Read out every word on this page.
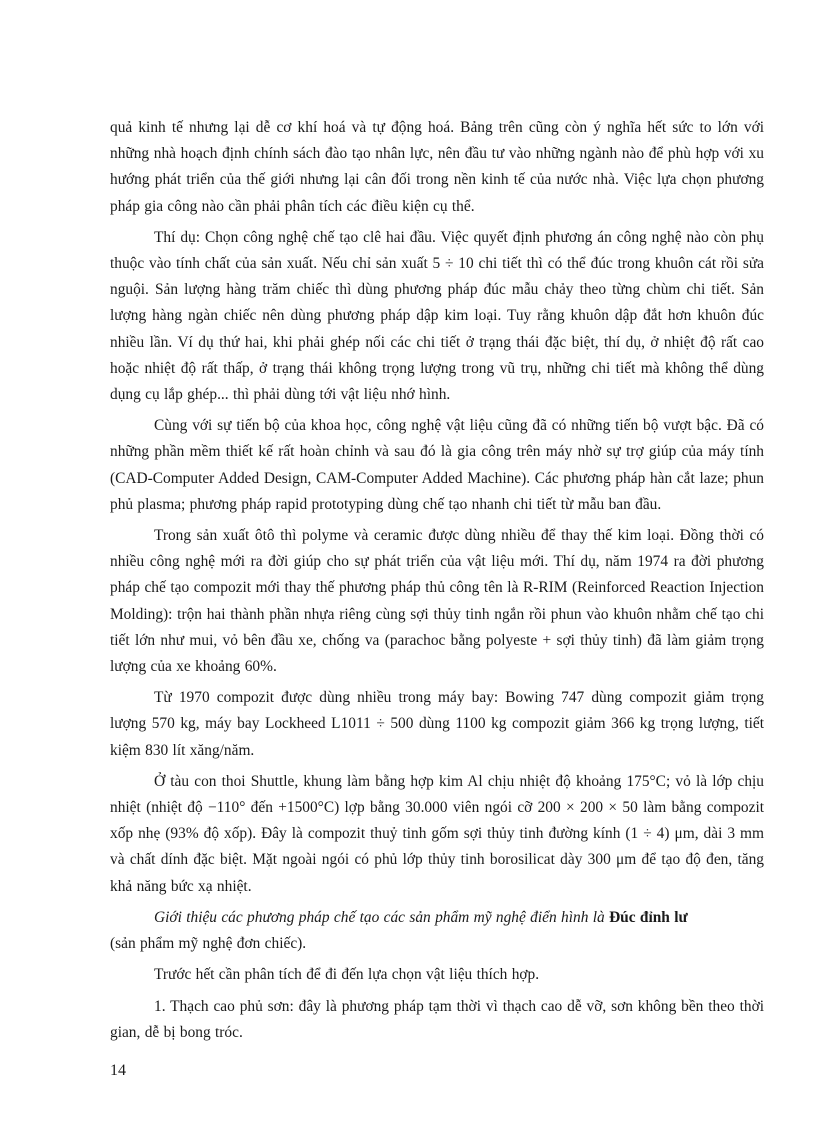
quả kinh tế nhưng lại dễ cơ khí hoá và tự động hoá. Bảng trên cũng còn ý nghĩa hết sức to lớn với những nhà hoạch định chính sách đào tạo nhân lực, nên đầu tư vào những ngành nào để phù hợp với xu hướng phát triển của thế giới nhưng lại cân đối trong nền kinh tế của nước nhà. Việc lựa chọn phương pháp gia công nào cần phải phân tích các điều kiện cụ thể.

Thí dụ: Chọn công nghệ chế tạo clê hai đầu. Việc quyết định phương án công nghệ nào còn phụ thuộc vào tính chất của sản xuất. Nếu chỉ sản xuất 5 ÷ 10 chi tiết thì có thể đúc trong khuôn cát rồi sửa nguội. Sản lượng hàng trăm chiếc thì dùng phương pháp đúc mẫu chảy theo từng chùm chi tiết. Sản lượng hàng ngàn chiếc nên dùng phương pháp dập kim loại. Tuy rằng khuôn dập đắt hơn khuôn đúc nhiều lần. Ví dụ thứ hai, khi phải ghép nối các chi tiết ở trạng thái đặc biệt, thí dụ, ở nhiệt độ rất cao hoặc nhiệt độ rất thấp, ở trạng thái không trọng lượng trong vũ trụ, những chi tiết mà không thể dùng dụng cụ lắp ghép... thì phải dùng tới vật liệu nhớ hình.

Cùng với sự tiến bộ của khoa học, công nghệ vật liệu cũng đã có những tiến bộ vượt bậc. Đã có những phần mềm thiết kế rất hoàn chỉnh và sau đó là gia công trên máy nhờ sự trợ giúp của máy tính (CAD-Computer Added Design, CAM-Computer Added Machine). Các phương pháp hàn cắt laze; phun phủ plasma; phương pháp rapid prototyping dùng chế tạo nhanh chi tiết từ mẫu ban đầu.

Trong sản xuất ôtô thì polyme và ceramic được dùng nhiều để thay thế kim loại. Đồng thời có nhiều công nghệ mới ra đời giúp cho sự phát triển của vật liệu mới. Thí dụ, năm 1974 ra đời phương pháp chế tạo compozit mới thay thế phương pháp thủ công tên là R-RIM (Reinforced Reaction Injection Molding): trộn hai thành phần nhựa riêng cùng sợi thủy tinh ngắn rồi phun vào khuôn nhằm chế tạo chi tiết lớn như mui, vỏ bên đầu xe, chống va (parachoc bằng polyeste + sợi thủy tinh) đã làm giảm trọng lượng của xe khoảng 60%.

Từ 1970 compozit được dùng nhiều trong máy bay: Bowing 747 dùng compozit giảm trọng lượng 570 kg, máy bay Lockheed L1011 ÷ 500 dùng 1100 kg compozit giảm 366 kg trọng lượng, tiết kiệm 830 lít xăng/năm.

Ở tàu con thoi Shuttle, khung làm bằng hợp kim Al chịu nhiệt độ khoảng 175°C; vỏ là lớp chịu nhiệt (nhiệt độ −110° đến +1500°C) lợp bằng 30.000 viên ngói cỡ 200 × 200 × 50 làm bằng compozit xốp nhẹ (93% độ xốp). Đây là compozit thuỷ tinh gốm sợi thủy tinh đường kính (1 ÷ 4) μm, dài 3 mm và chất dính đặc biệt. Mặt ngoài ngói có phủ lớp thủy tinh borosilicat dày 300 μm để tạo độ đen, tăng khả năng bức xạ nhiệt.

Giới thiệu các phương pháp chế tạo các sản phẩm mỹ nghệ điển hình là Đúc đỉnh lư
(sản phẩm mỹ nghệ đơn chiếc).

Trước hết cần phân tích để đi đến lựa chọn vật liệu thích hợp.

1. Thạch cao phủ sơn: đây là phương pháp tạm thời vì thạch cao dễ vỡ, sơn không bền theo thời gian, dễ bị bong tróc.

14
